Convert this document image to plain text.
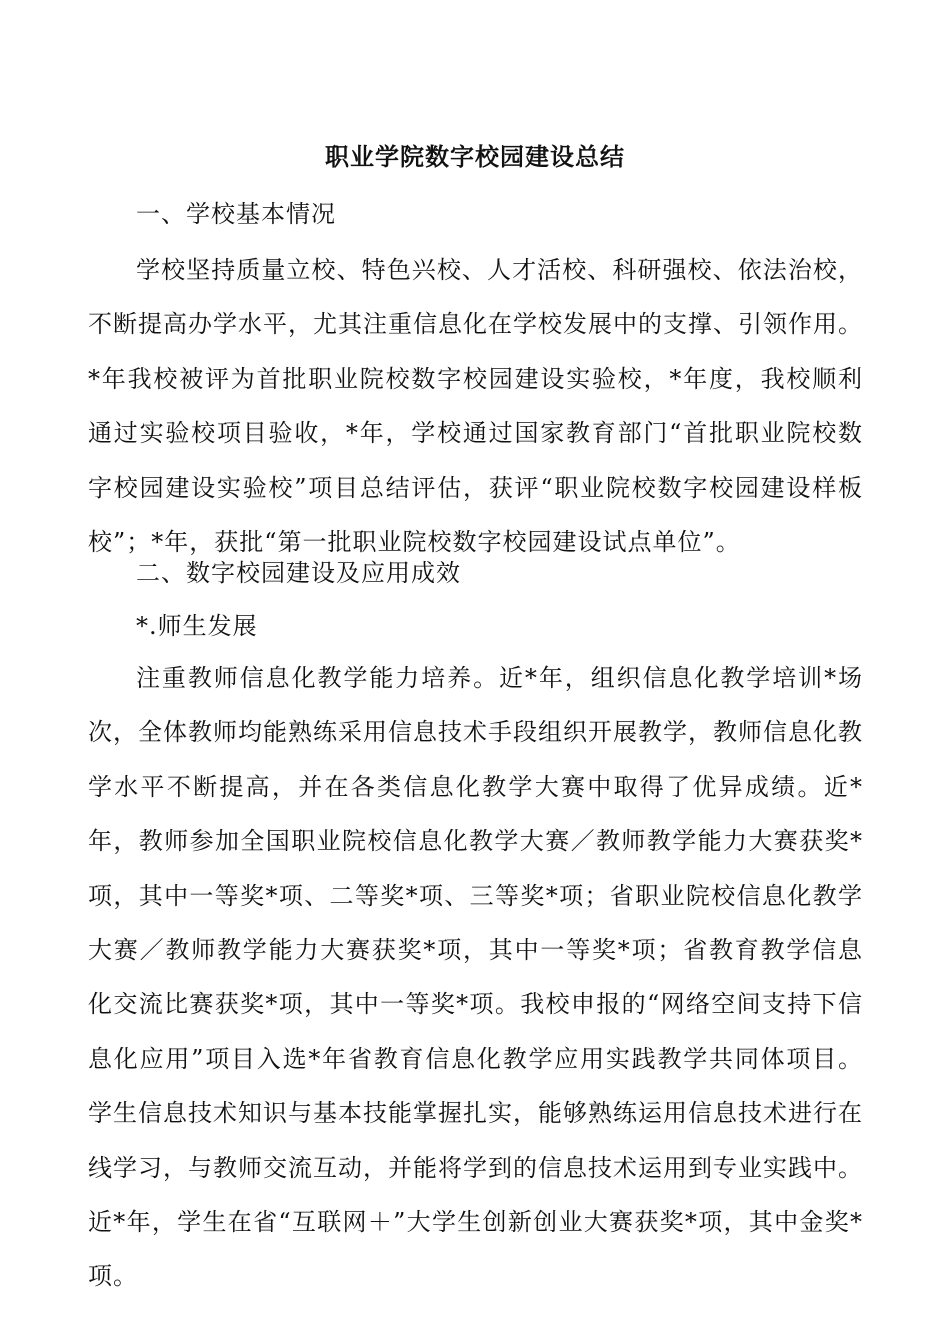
职业学院数字校园建设总结
一、学校基本情况
学校坚持质量立校、特色兴校、人才活校、科研强校、依法治校，不断提高办学水平，尤其注重信息化在学校发展中的支撑、引领作用。*年我校被评为首批职业院校数字校园建设实验校，*年度，我校顺利通过实验校项目验收，*年，学校通过国家教育部门“首批职业院校数字校园建设实验校”项目总结评估，获评“职业院校数字校园建设样板校”；*年，获批“第一批职业院校数字校园建设试点单位”。
二、数字校园建设及应用成效
*.师生发展
注重教师信息化教学能力培养。近*年，组织信息化教学培训*场次，全体教师均能熟练采用信息技术手段组织开展教学，教师信息化教学水平不断提高，并在各类信息化教学大赛中取得了优异成绩。近*年，教师参加全国职业院校信息化教学大赛／教师教学能力大赛获奖*项，其中一等奖*项、二等奖*项、三等奖*项；省职业院校信息化教学大赛／教师教学能力大赛获奖*项，其中一等奖*项；省教育教学信息化交流比赛获奖*项，其中一等奖*项。我校申报的“网络空间支持下信息化应用”项目入选*年省教育信息化教学应用实践教学共同体项目。学生信息技术知识与基本技能掌握扎实，能够熟练运用信息技术进行在线学习，与教师交流互动，并能将学到的信息技术运用到专业实践中。近*年，学生在省“互联网＋”大学生创新创业大赛获奖*项，其中金奖*项。
